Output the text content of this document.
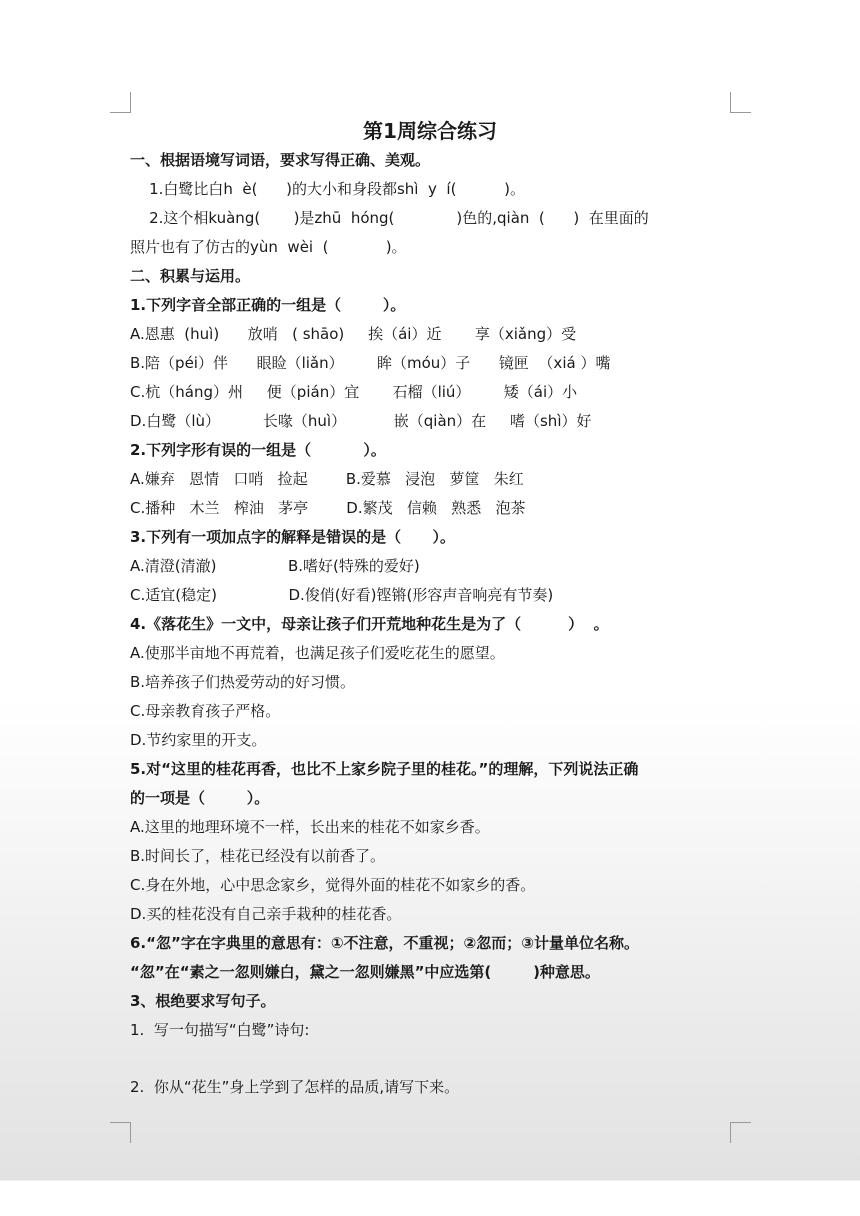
第1周综合练习
一、根据语境写词语，要求写得正确、美观。
1.白鹭比白h  è(      )的大小和身段都shì  y  í(          )。
2.这个相kuàng(       )是zhū  hóng(             )色的,qiàn  (      )  在里面的
照片也有了仿古的yùn  wèi  (            )。
二、积累与运用。
1.下列字音全部正确的一组是（        ）。
A.恩惠  (huì)      放哨   ( shāo)     挨（ái）近       享（xiǎng）受
B.陪（péi）伴      眼睑（liǎn）       眸（móu）子      镜匣  （xiá ）嘴
C.杭（háng）州     便（pián）宜       石榴（liú）       矮（ái）小
D.白鹭（lù）         长喙（huì）          嵌（qiàn）在     嗜（shì）好
2.下列字形有误的一组是（          ）。
A.嫌弃   恩情   口哨   捡起        B.爱慕   浸泡   萝筐   朱红
C.播种   木兰   榨油   茅亭        D.繁茂   信赖   熟悉   泡茶
3.下列有一项加点字的解释是错误的是（      ）。
A.清澄(清澈)               B.嗜好(特殊的爱好)
C.适宜(稳定)               D.俊俏(好看)铿锵(形容声音响亮有节奏)
4.《落花生》一文中，母亲让孩子们开荒地种花生是为了（         ）  。
A.使那半亩地不再荒着，也满足孩子们爱吃花生的愿望。
B.培养孩子们热爱劳动的好习惯。
C.母亲教育孩子严格。
D.节约家里的开支。
5.对“这里的桂花再香，也比不上家乡院子里的桂花。”的理解，下列说法正确
的一项是（        ）。
A.这里的地理环境不一样，长出来的桂花不如家乡香。
B.时间长了，桂花已经没有以前香了。
C.身在外地，心中思念家乡，觉得外面的桂花不如家乡的香。
D.买的桂花没有自己亲手栽种的桂花香。
6.“忽”字在字典里的意思有：①不注意，不重视；②忽而；③计量单位名称。
“忽”在“素之一忽则嫌白，黛之一忽则嫌黑”中应选第(        )种意思。
3、根绝要求写句子。
1.  写一句描写“白鹭”诗句:
2.  你从“花生”身上学到了怎样的品质,请写下来。
